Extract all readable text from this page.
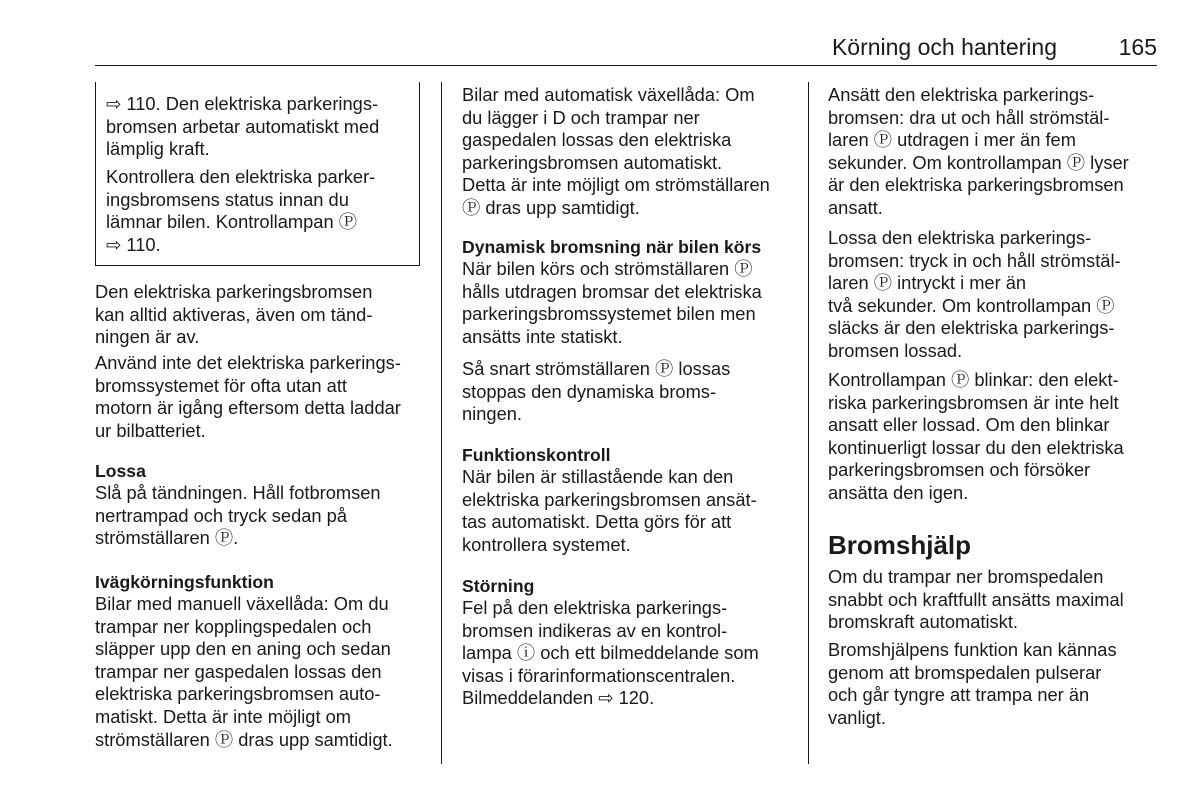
Körning och hantering	165

⇨ 110. Den elektriska parkerings-

bromsen arbetar automatiskt med

lämplig kraft.

Kontrollera den elektriska parker-

ingsbromsens status innan du

lämnar bilen. Kontrollampan Ⓟ

⇨ 110.

Den elektriska parkeringsbromsen

kan alltid aktiveras, även om tänd-

ningen är av.

Använd inte det elektriska parkerings-

bromssystemet för ofta utan att

motorn är igång eftersom detta laddar

ur bilbatteriet.

Lossa

Slå på tändningen. Håll fotbromsen

nertrampad och tryck sedan på

strömställaren Ⓟ.

Ivägkörningsfunktion

Bilar med manuell växellåda: Om du

trampar ner kopplingspedalen och

släpper upp den en aning och sedan

trampar ner gaspedalen lossas den

elektriska parkeringsbromsen auto-

matiskt. Detta är inte möjligt om

strömställaren Ⓟ dras upp samtidigt.

Bilar med automatisk växellåda: Om

du lägger i D och trampar ner

gaspedalen lossas den elektriska

parkeringsbromsen automatiskt.

Detta är inte möjligt om strömställaren

Ⓟ dras upp samtidigt.

Dynamisk bromsning när bilen körs

När bilen körs och strömställaren Ⓟ

hålls utdragen bromsar det elektriska

parkeringsbromssystemet bilen men

ansätts inte statiskt.

Så snart strömställaren Ⓟ lossas

stoppas den dynamiska broms-

ningen.

Funktionskontroll

När bilen är stillastående kan den

elektriska parkeringsbromsen ansät-

tas automatiskt. Detta görs för att

kontrollera systemet.

Störning

Fel på den elektriska parkerings-

bromsen indikeras av en kontrol-

lampa ⓘ och ett bilmeddelande som

visas i förarinformationscentralen.

Bilmeddelanden ⇨ 120.

Ansätt den elektriska parkerings-

bromsen: dra ut och håll strömstäl-

laren Ⓟ utdragen i mer än fem

sekunder. Om kontrollampan Ⓟ lyser

är den elektriska parkeringsbromsen

ansatt.

Lossa den elektriska parkerings-

bromsen: tryck in och håll strömstäl-

laren Ⓟ intryckt i mer än

två sekunder. Om kontrollampan Ⓟ

släcks är den elektriska parkerings-

bromsen lossad.

Kontrollampan Ⓟ blinkar: den elekt-

riska parkeringsbromsen är inte helt

ansatt eller lossad. Om den blinkar

kontinuerligt lossar du den elektriska

parkeringsbromsen och försöker

ansätta den igen.

Bromshjälp

Om du trampar ner bromspedalen

snabbt och kraftfullt ansätts maximal

bromskraft automatiskt.

Bromshjälpens funktion kan kännas

genom att bromspedalen pulserar

och går tyngre att trampa ner än

vanligt.
